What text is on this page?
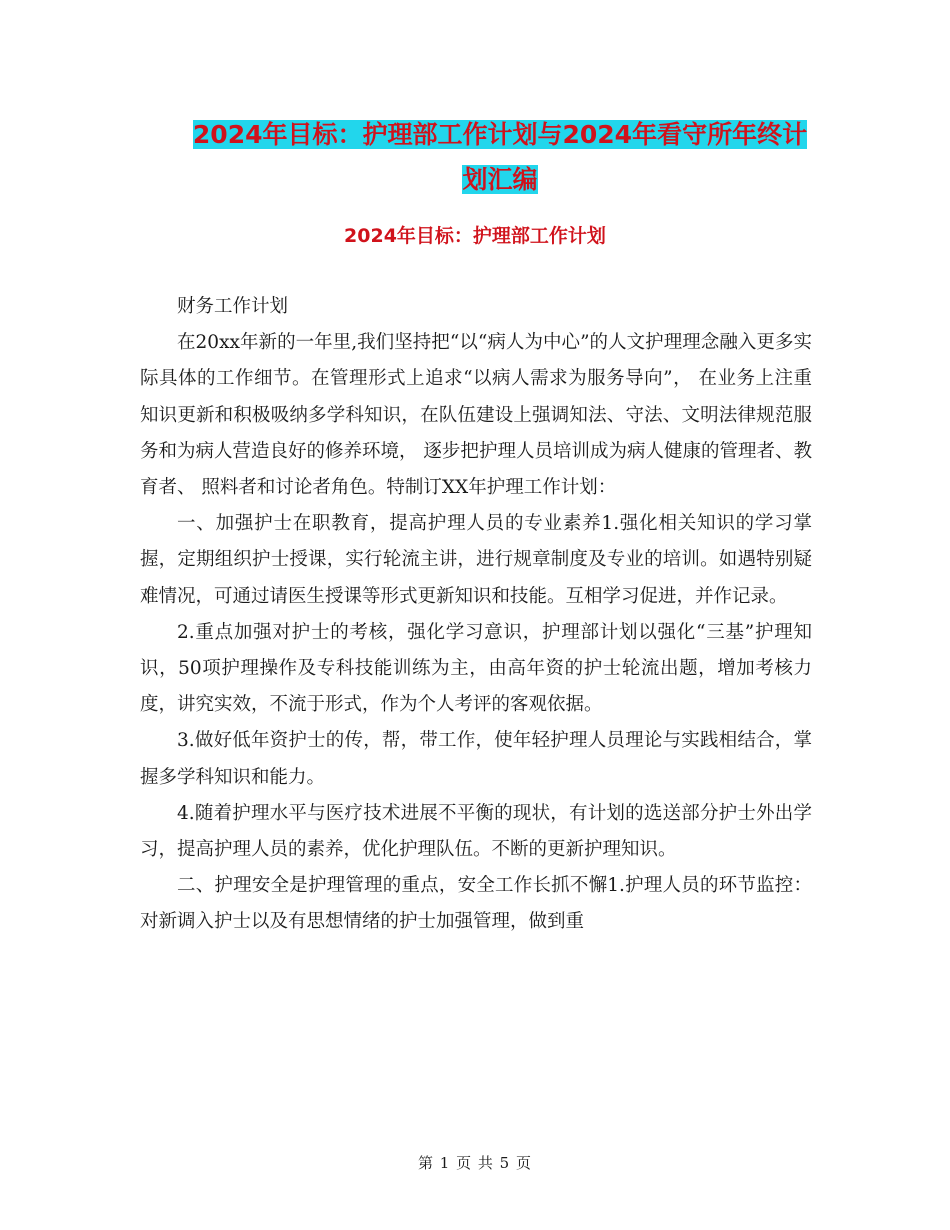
2024年目标：护理部工作计划与2024年看守所年终计
划汇编
2024年目标：护理部工作计划

财务工作计划

在20xx年新的一年里,我们坚持把“以“病人为中心”的人文护理理念融入更多实际具体的工作细节。在管理形式上追求“以病人需求为服务导向”， 在业务上注重知识更新和积极吸纳多学科知识，在队伍建设上强调知法、守法、文明法律规范服务和为病人营造良好的修养环境， 逐步把护理人员培训成为病人健康的管理者、教育者、 照料者和讨论者角色。特制订XX年护理工作计划：

一、加强护士在职教育，提高护理人员的专业素养1.强化相关知识的学习掌握，定期组织护士授课，实行轮流主讲，进行规章制度及专业的培训。如遇特别疑难情况，可通过请医生授课等形式更新知识和技能。互相学习促进，并作记录。

2.重点加强对护士的考核，强化学习意识，护理部计划以强化“三基”护理知识，50项护理操作及专科技能训练为主，由高年资的护士轮流出题，增加考核力度，讲究实效，不流于形式，作为个人考评的客观依据。

3.做好低年资护士的传，帮，带工作，使年轻护理人员理论与实践相结合，掌握多学科知识和能力。

4.随着护理水平与医疗技术进展不平衡的现状，有计划的选送部分护士外出学习，提高护理人员的素养，优化护理队伍。不断的更新护理知识。

二、护理安全是护理管理的重点，安全工作长抓不懈1.护理人员的环节监控：对新调入护士以及有思想情绪的护士加强管理，做到重

第 1 页 共 5 页
